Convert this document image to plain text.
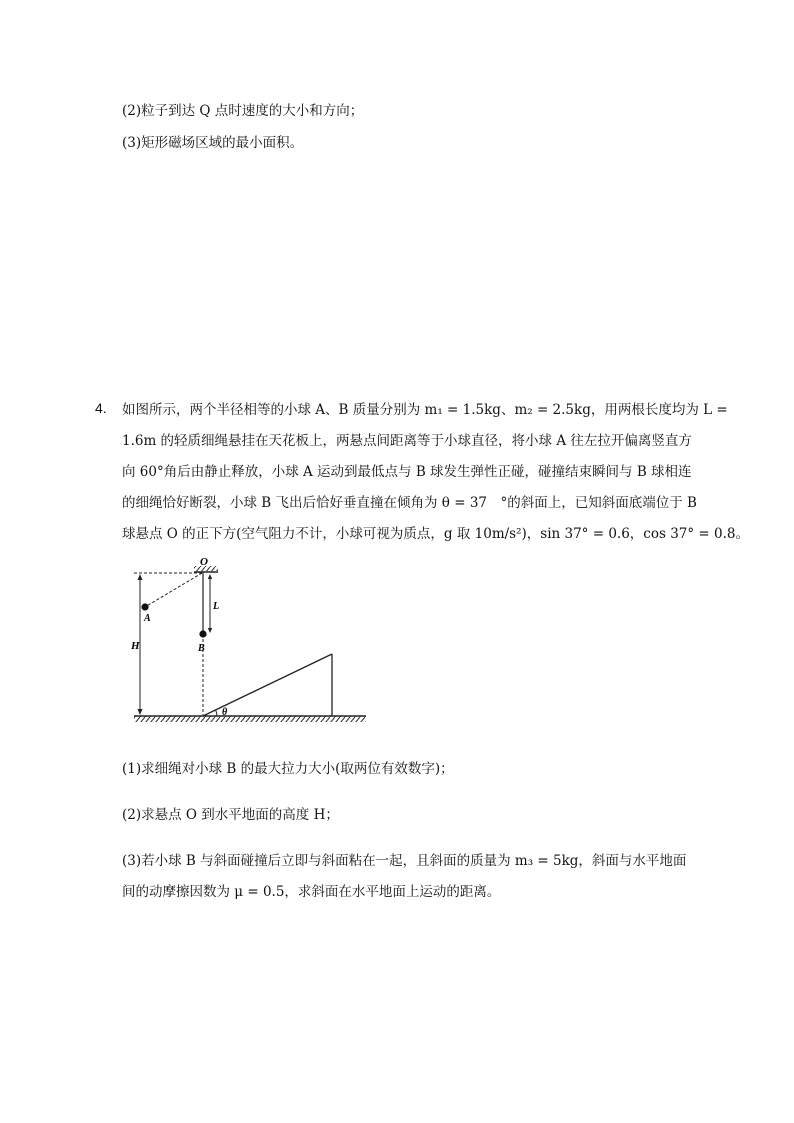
(2)粒子到达 Q 点时速度的大小和方向；
(3)矩形磁场区域的最小面积。
4. 如图所示，两个半径相等的小球 A、B 质量分别为 m₁ = 1.5kg、m₂ = 2.5kg，用两根长度均为 L =
1.6m 的轻质细绳悬挂在天花板上，两悬点间距离等于小球直径，将小球 A 往左拉开偏离竖直方
向 60°角后由静止释放，小球 A 运动到最低点与 B 球发生弹性正碰，碰撞结束瞬间与 B 球相连
的细绳恰好断裂，小球 B 飞出后恰好垂直撞在倾角为 θ = 37　°的斜面上，已知斜面底端位于 B
球悬点 O 的正下方(空气阻力不计，小球可视为质点，g 取 10m/s²)，sin 37° = 0.6，cos 37° = 0.8。
O
A
B
L
H
θ
(1)求细绳对小球 B 的最大拉力大小(取两位有效数字)；
(2)求悬点 O 到水平地面的高度 H；
(3)若小球 B 与斜面碰撞后立即与斜面粘在一起，且斜面的质量为 m₃ = 5kg，斜面与水平地面
间的动摩擦因数为 μ = 0.5，求斜面在水平地面上运动的距离。
